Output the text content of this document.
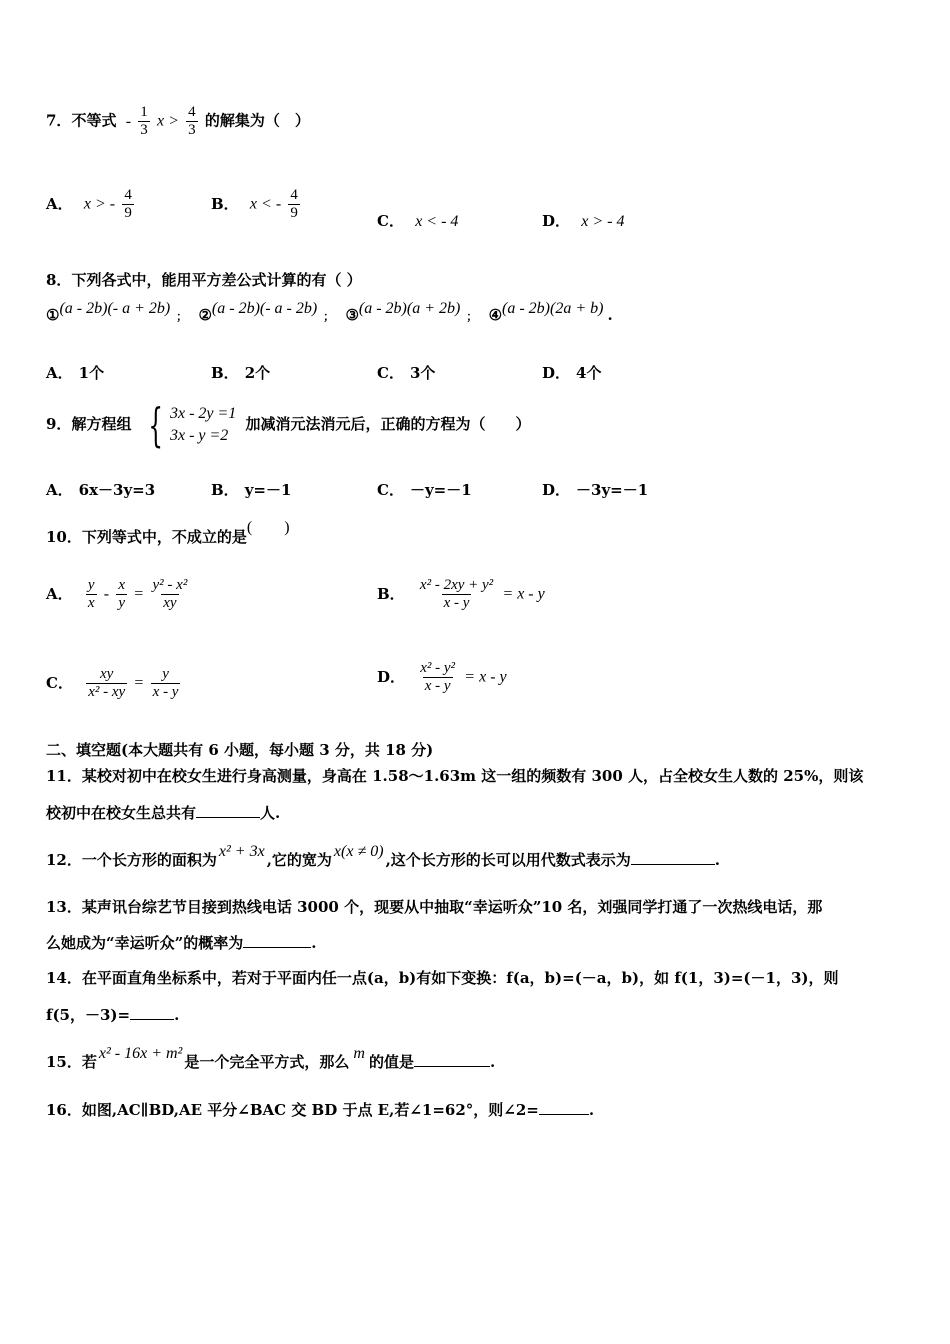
7．不等式 - $\frac{1}{3}$ $x > \frac{4}{3}$ 的解集为（　）
A． x > - $\frac{4}{9}$	B． x < - $\frac{4}{9}$	C． x < - 4	D． x > - 4
8．下列各式中，能用平方差公式计算的有（ ）
①(a - 2b)(- a + 2b) ； ②(a - 2b)(- a - 2b) ； ③(a - 2b)(a + 2b) ； ④(a - 2b)(2a + b) .
A． 1个	B． 2个	C． 3个	D． 4个
9．解方程组 { 3x - 2y =1
3x - y =2
加减消元法消元后，正确的方程为（　　）
A． 6x－3y=3	B． y=－1	C． －y=－1	D． －3y=－1
10．下列等式中，不成立的是(　　)
A． $\frac{y}{x} - \frac{x}{y} = \frac{\text{y² - x²}}{xy}$	B． $\frac{\text{x² - 2xy + y²}}{x - y} = x - y$
C． $\frac{xy}{\text{x² - xy}} = \frac{y}{x - y}$	D． $\frac{\text{x² - y²}}{x - y} = x - y$
二、填空题(本大题共有 6 小题，每小题 3 分，共 18 分)
11．某校对初中在校女生进行身高测量，身高在 1.58～1.63m 这一组的频数有 300 人，占全校女生人数的 25%，则该
校初中在校女生总共有	人.
12．一个长方形的面积为 x² + 3x ,它的宽为 x(x ≠ 0) ,这个长方形的长可以用代数式表示为	.
13．某声讯台综艺节目接到热线电话 3000 个，现要从中抽取“幸运听众”10 名，刘强同学打通了一次热线电话，那
么她成为“幸运听众”的概率为	.
14．在平面直角坐标系中，若对于平面内任一点(a，b)有如下变换：f(a，b)=(－a，b)，如 f(1，3)=(－1，3)，则
f(5，－3)=	.
15．若 x² - 16x + m² 是一个完全平方式，那么 m 的值是	.
16．如图,AC∥BD,AE 平分∠BAC 交 BD 于点 E,若∠1=62°，则∠2=	.
